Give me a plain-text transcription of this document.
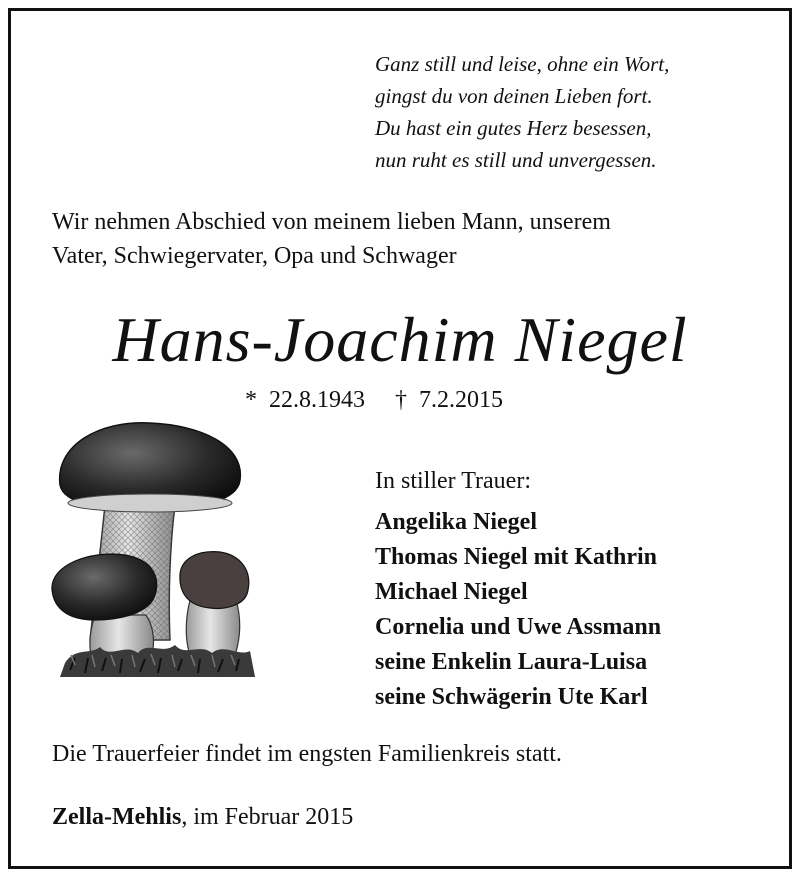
Ganz still und leise, ohne ein Wort,
gingst du von deinen Lieben fort.
Du hast ein gutes Herz besessen,
nun ruht es still und unvergessen.
Wir nehmen Abschied von meinem lieben Mann, unserem
Vater, Schwiegervater, Opa und Schwager
Hans-Joachim Niegel
* 22.8.1943 † 7.2.2015
In stiller Trauer:
Angelika Niegel
Thomas Niegel mit Kathrin
Michael Niegel
Cornelia und Uwe Assmann
seine Enkelin Laura-Luisa
seine Schwägerin Ute Karl
Die Trauerfeier findet im engsten Familienkreis statt.
Zella-Mehlis, im Februar 2015
